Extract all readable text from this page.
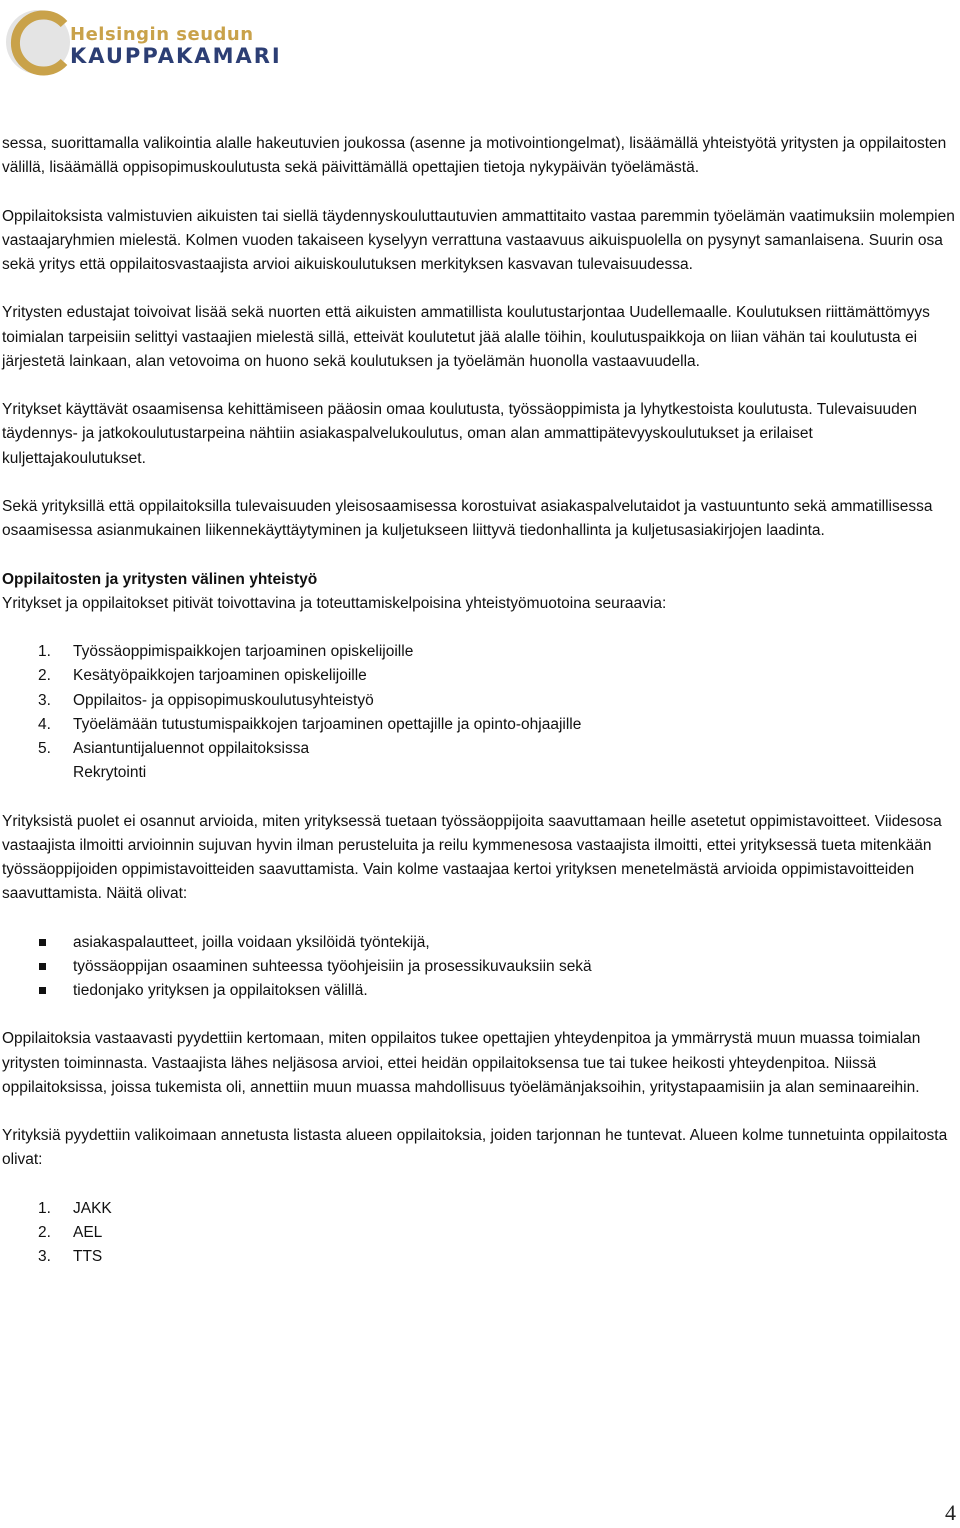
Helsingin seudun
KAUPPAKAMARI

sessa, suorittamalla valikointia alalle hakeutuvien joukossa (asenne ja motivointiongelmat), lisäämällä yhteistyötä yritysten ja oppilaitosten välillä, lisäämällä oppisopimuskoulutusta sekä päivittämällä opettajien tietoja nykypäivän työelämästä.

Oppilaitoksista valmistuvien aikuisten tai siellä täydennyskouluttautuvien ammattitaito vastaa paremmin työelämän vaatimuksiin molempien vastaajaryhmien mielestä. Kolmen vuoden takaiseen kyselyyn verrattuna vastaavuus aikuispuolella on pysynyt samanlaisena. Suurin osa sekä yritys että oppilaitosvastaajista arvioi aikuiskoulutuksen merkityksen kasvavan tulevaisuudessa.

Yritysten edustajat toivoivat lisää sekä nuorten että aikuisten ammatillista koulutustarjontaa Uudellemaalle. Koulutuksen riittämättömyys toimialan tarpeisiin selittyi vastaajien mielestä sillä, etteivät koulutetut jää alalle töihin, koulutuspaikkoja on liian vähän tai koulutusta ei järjestetä lainkaan, alan vetovoima on huono sekä koulutuksen ja työelämän huonolla vastaavuudella.

Yritykset käyttävät osaamisensa kehittämiseen pääosin omaa koulutusta, työssäoppimista ja lyhytkestoista koulutusta. Tulevaisuuden täydennys- ja jatkokoulutustarpeina nähtiin asiakaspalvelukoulutus, oman alan ammattipätevyyskoulutukset ja erilaiset kuljettajakoulutukset.

Sekä yrityksillä että oppilaitoksilla tulevaisuuden yleisosaamisessa korostuivat asiakaspalvelutaidot ja vastuuntunto sekä ammatillisessa osaamisessa asianmukainen liikennekäyttäytyminen ja kuljetukseen liittyvä tiedonhallinta ja kuljetusasiakirjojen laadinta.

Oppilaitosten ja yritysten välinen yhteistyö
Yritykset ja oppilaitokset pitivät toivottavina ja toteuttamiskelpoisina yhteistyömuotoina seuraavia:

1. Työssäoppimispaikkojen tarjoaminen opiskelijoille
2. Kesätyöpaikkojen tarjoaminen opiskelijoille
3. Oppilaitos- ja oppisopimuskoulutusyhteistyö
4. Työelämään tutustumispaikkojen tarjoaminen opettajille ja opinto-ohjaajille
5. Asiantuntijaluennot oppilaitoksissa
Rekrytointi

Yrityksistä puolet ei osannut arvioida, miten yrityksessä tuetaan työssäoppijoita saavuttamaan heille asetetut oppimistavoitteet. Viidesosa vastaajista ilmoitti arvioinnin sujuvan hyvin ilman perusteluita ja reilu kymmenesosa vastaajista ilmoitti, ettei yrityksessä tueta mitenkään työssäoppijoiden oppimistavoitteiden saavuttamista. Vain kolme vastaajaa kertoi yrityksen menetelmästä arvioida oppimistavoitteiden saavuttamista. Näitä olivat:

asiakaspalautteet, joilla voidaan yksilöidä työntekijä,
työssäoppijan osaaminen suhteessa työohjeisiin ja prosessikuvauksiin sekä
tiedonjako yrityksen ja oppilaitoksen välillä.

Oppilaitoksia vastaavasti pyydettiin kertomaan, miten oppilaitos tukee opettajien yhteydenpitoa ja ymmärrystä muun muassa toimialan yritysten toiminnasta. Vastaajista lähes neljäsosa arvioi, ettei heidän oppilaitoksensa tue tai tukee heikosti yhteydenpitoa. Niissä oppilaitoksissa, joissa tukemista oli, annettiin muun muassa mahdollisuus työelämänjaksoihin, yritystapaamisiin ja alan seminaareihin.

Yrityksiä pyydettiin valikoimaan annetusta listasta alueen oppilaitoksia, joiden tarjonnan he tuntevat. Alueen kolme tunnetuinta oppilaitosta olivat:

1. JAKK
2. AEL
3. TTS
4
